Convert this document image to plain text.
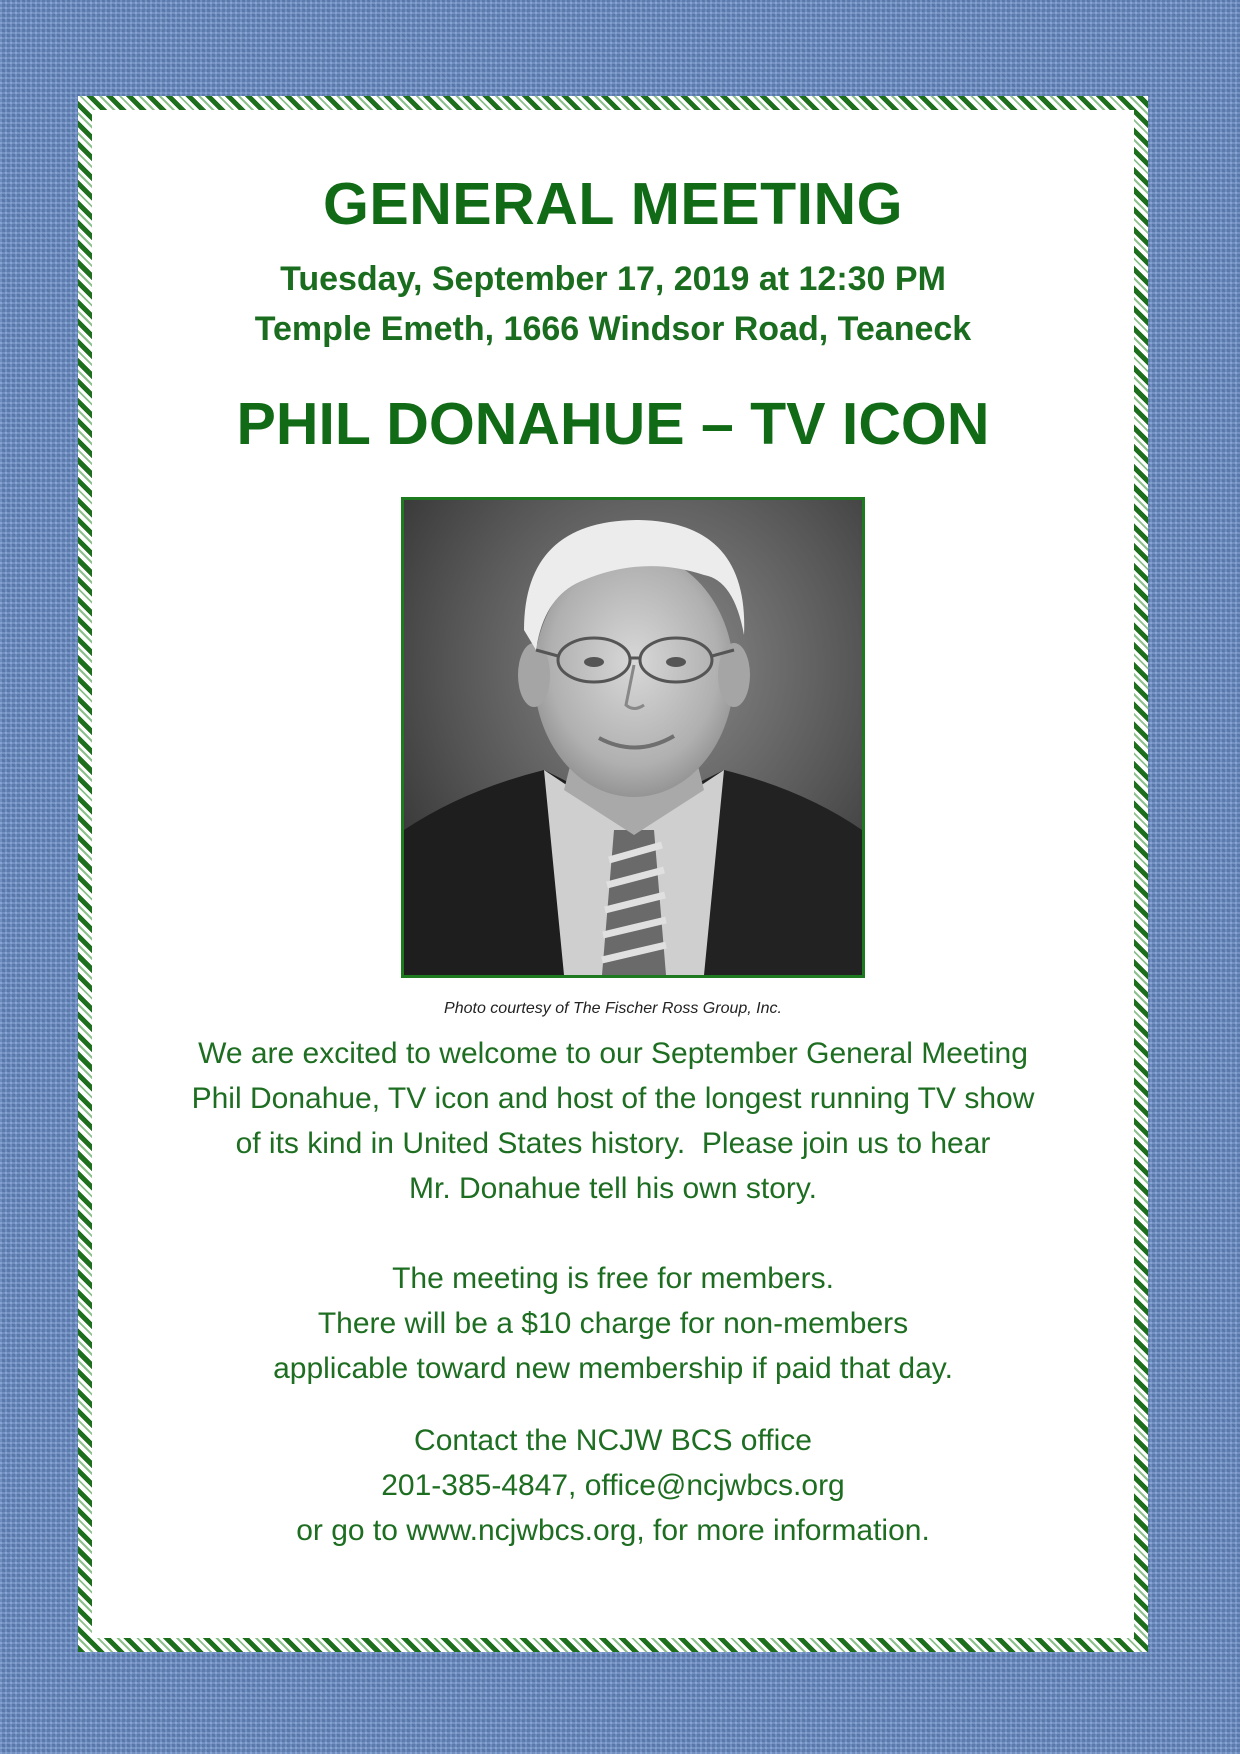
GENERAL MEETING
Tuesday, September 17, 2019 at 12:30 PM
Temple Emeth, 1666 Windsor Road, Teaneck
PHIL DONAHUE – TV ICON
Photo courtesy of The Fischer Ross Group, Inc.
We are excited to welcome to our September General Meeting
Phil Donahue, TV icon and host of the longest running TV show
of its kind in United States history.  Please join us to hear
Mr. Donahue tell his own story.
The meeting is free for members.
There will be a $10 charge for non-members
applicable toward new membership if paid that day.
Contact the NCJW BCS office
201-385-4847, office@ncjwbcs.org
or go to www.ncjwbcs.org, for more information.
